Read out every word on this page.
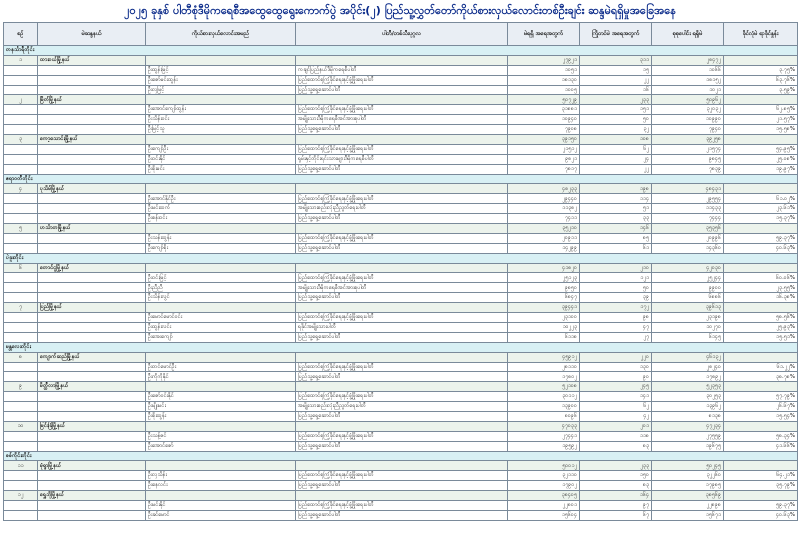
၂၀၂၅ ခုနှစ် ပါတီစုံဒီမိုကရေစီအထွေထွေရွေးကောက်ပွဲ အပိုင်း(၂) ပြည်သူ့လွှတ်တော်ကိုယ်စားလှယ်လောင်းတစ်ဦးချင်း ဆန္ဒမဲရရှိမှုအခြေအနေ
စဉ်	မဲဆန္ဒနယ်	ကိုယ်စားလှယ်လောင်းအမည်	ပါတီ/တစ်သီးပုဂ္ဂလ	မဲရရှိ အရေအတွက်	ကြိုတင်မဲ အရေအတွက်	စုစုပေါင်း ရရှိမဲ	ခိုင်လုံမဲ ရာခိုင်နှုန်း
တနင်္သာရီတိုင်း							
၁	ထားဝယ်မြို့နယ်			၂၇၉၂၁	၃၁၁	၂၈၄၇၂	
		ဦးထွန်းမြင့်	ကချင်ပြည်နယ်ဒီမိုကရေစီပါတီ	၁၀၅၁	၁၅	၁၀၆၆	၃.၇၅%
		ဦးဇော်မင်းထွန်း	ပြည်ထောင်စုကြံ့ခိုင်ရေးနှင့်ဖွံ့ဖြိုးရေးပါတီ	၁၈၁၃၀	၂၂	၁၈၁၅၂	၆၃.၇၆%
		ဦးလှမြင့်	ပြည်သူ့ရှေ့ဆောင်ပါတီ	၁၀၀၅	၁၆	၁၀၂၁	၃.၅၉%
၂	မြိတ်မြို့နယ်			၅၀၇၂၉	၂၃၃	၅၀၉၆၂	
		ဦးအောင်ကျော်ထွန်း	ပြည်ထောင်စုကြံ့ခိုင်ရေးနှင့်ဖွံ့ဖြိုးရေးပါတီ	၃၁၈၈၁	၁၅၁	၃၂၀၃၂	၆၂.၈၅%
		ဦးသိန်းဝင်း	အမျိုးသားဒီမိုကရေစီအင်အားစုပါတီ	၁၀၉၄၀	၅၀	၁၀၉၉၀	၂၁.၅၇%
		ဦးမြင့်သူ	ပြည်သူ့ရှေ့ဆောင်ပါတီ	၇၉၀၈	၃၂	၇၉၄၀	၁၅.၅၈%
၃	ကော့သောင်းမြို့နယ်			၃၉၁၅၀	၁၀၈	၃၉၂၅၈	
		ဦးကျော်ဦး	ပြည်ထောင်စုကြံ့ခိုင်ရေးနှင့်ဖွံ့ဖြိုးရေးပါတီ	၂၁၅၁၂	၆၂	၂၁၅၇၄	၅၄.၉၅%
		ဦးဝင်းနိုင်	ရှမ်းနှင့်တိုင်းရင်းသားများဒီမိုကရေစီပါတီ	၉၈၂၁	၂၄	၉၈၄၅	၂၅.၀၈%
		ဦးစိုးမင်း	ပြည်သူ့ရှေ့ဆောင်ပါတီ	၇၈၁၇	၂၂	၇၈၃၉	၁၉.၉၇%
ဧရာဝတီတိုင်း							
၄	ပုသိမ်မြို့နယ်			၄၈၂၃၃	၁၉၈	၄၈၄၃၁	
		ဦးအောင်နိုင်ဦး	ပြည်ထောင်စုကြံ့ခိုင်ရေးနှင့်ဖွံ့ဖြိုးရေးပါတီ	၂၉၄၄၀	၁၁၄	၂၉၅၅၄	၆၁.၀၂%
		ဦးမင်းထက်	အမျိုးသားစည်းလုံးညီညွတ်ရေးပါတီ	၁၁၃၈၂	၅၁	၁၁၄၃၃	၂၃.၆၁%
		ဦးစန်းဝင်း	ပြည်သူ့ရှေ့ဆောင်ပါတီ	၇၄၁၁	၃၃	၇၄၄၄	၁၅.၃၇%
၅	ဟင်္သာတမြို့နယ်			၃၅၂၁၀	၁၄၆	၃၅၃၅၆	
		ဦးသန်းထွန်း	ပြည်ထောင်စုကြံ့ခိုင်ရေးနှင့်ဖွံ့ဖြိုးရေးပါတီ	၂၀၉၁၁	၈၅	၂၀၉၉၆	၅၉.၃၇%
		ဦးကျော်စိုး	ပြည်သူ့ရှေ့ဆောင်ပါတီ	၁၄၂၉၉	၆၁	၁၄၃၆၀	၄၀.၆၃%
ပဲခူးတိုင်း							
၆	တောင်ငူမြို့နယ်			၄၁၈၂၀	၂၁၀	၄၂၀၃၀	
		ဦးဝင်းမြင့်	ပြည်ထောင်စုကြံ့ခိုင်ရေးနှင့်ဖွံ့ဖြိုးရေးပါတီ	၂၅၁၂၃	၁၂၁	၂၅၂၄၄	၆၀.၀၆%
		ဦးညီညီ	အမျိုးသားဒီမိုကရေစီအင်အားစုပါတီ	၉၈၅၀	၅၀	၉၉၀၀	၂၃.၅၅%
		ဦးသိန်းလွင်	ပြည်သူ့ရှေ့ဆောင်ပါတီ	၆၈၄၇	၃၉	၆၈၈၆	၁၆.၃၈%
၇	ပြည်မြို့နယ်			၃၉၄၄၁	၁၇၂	၃၉၆၁၃	
		ဦးမောင်မောင်ဝင်း	ပြည်ထောင်စုကြံ့ခိုင်ရေးနှင့်ဖွံ့ဖြိုးရေးပါတီ	၂၃၁၀၀	၉၈	၂၃၁၉၈	၅၈.၅၆%
		ဦးထွန်းလင်း	ရခိုင်အမျိုးသားပါတီ	၁၀၂၂၃	၄၇	၁၀၂၇၀	၂၅.၉၃%
		ဦးအေးကျော်	ပြည်သူ့ရှေ့ဆောင်ပါတီ	၆၁၁၈	၂၇	၆၁၄၅	၁၅.၅၁%
မန္တလေးတိုင်း							
၈	ကျောက်ဆည်မြို့နယ်			၄၅၉၁၂	၂၂၀	၄၆၁၃၂	
		ဦးတင်မောင်ဦး	ပြည်ထောင်စုကြံ့ခိုင်ရေးနှင့်ဖွံ့ဖြိုးရေးပါတီ	၂၈၁၁၀	၁၃၀	၂၈၂၄၀	၆၁.၂၂%
		ဦးကိုကိုနိုင်	ပြည်သူ့ရှေ့ဆောင်ပါတီ	၁၇၈၀၂	၉၀	၁၇၈၉၂	၃၈.၇၈%
၉	မိတ္ထီလာမြို့နယ်			၅၂၁၀၈	၂၄၅	၅၂၃၅၃	
		ဦးဇော်ဝင်းနိုင်	ပြည်ထောင်စုကြံ့ခိုင်ရေးနှင့်ဖွံ့ဖြိုးရေးပါတီ	၃၀၁၁၂	၁၄၁	၃၀၂၅၃	၅၇.၇၉%
		ဦးမျိုးမင်း	အမျိုးသားစည်းလုံးညီညွတ်ရေးပါတီ	၁၃၉၀၀	၆၂	၁၃၉၆၂	၂၆.၆၇%
		ဦးစိုးထွန်း	ပြည်သူ့ရှေ့ဆောင်ပါတီ	၈၀၉၆	၄၂	၈၁၃၈	၁၅.၅၄%
၁၀	မြင်းခြံမြို့နယ်			၄၇၀၃၃	၂၀၁	၄၇၂၃၄	
		ဦးသန့်ဇင်	ပြည်ထောင်စုကြံ့ခိုင်ရေးနှင့်ဖွံ့ဖြိုးရေးပါတီ	၂၇၄၄၁	၁၁၈	၂၇၅၅၉	၅၈.၃၄%
		ဦးအောင်ဇော်	ပြည်သူ့ရှေ့ဆောင်ပါတီ	၁၉၅၉၂	၈၃	၁၉၆၇၅	၄၁.၆၆%
စစ်ကိုင်းတိုင်း							
၁၁	မုံရွာမြို့နယ်			၅၀၀၁၂	၂၃၃	၅၀၂၄၅	
		ဦးလှသိန်း	ပြည်ထောင်စုကြံ့ခိုင်ရေးနှင့်ဖွံ့ဖြိုးရေးပါတီ	၃၂၁၁၀	၁၅၀	၃၂၂၆၀	၆၄.၂၁%
		ဦးနေလင်း	ပြည်သူ့ရှေ့ဆောင်ပါတီ	၁၇၉၀၂	၈၃	၁၇၉၈၅	၃၅.၇၉%
၁၂	ရွှေဘိုမြို့နယ်			၃၈၄၀၅	၁၆၄	၃၈၅၆၉	
		ဦးမင်းနိုင်	ပြည်ထောင်စုကြံ့ခိုင်ရေးနှင့်ဖွံ့ဖြိုးရေးပါတီ	၂၂၈၀၁	၉၇	၂၂၈၉၈	၅၉.၃၇%
		ဦးခင်မောင်	ပြည်သူ့ရှေ့ဆောင်ပါတီ	၁၅၆၀၄	၆၇	၁၅၆၇၁	၄၀.၆၃%
